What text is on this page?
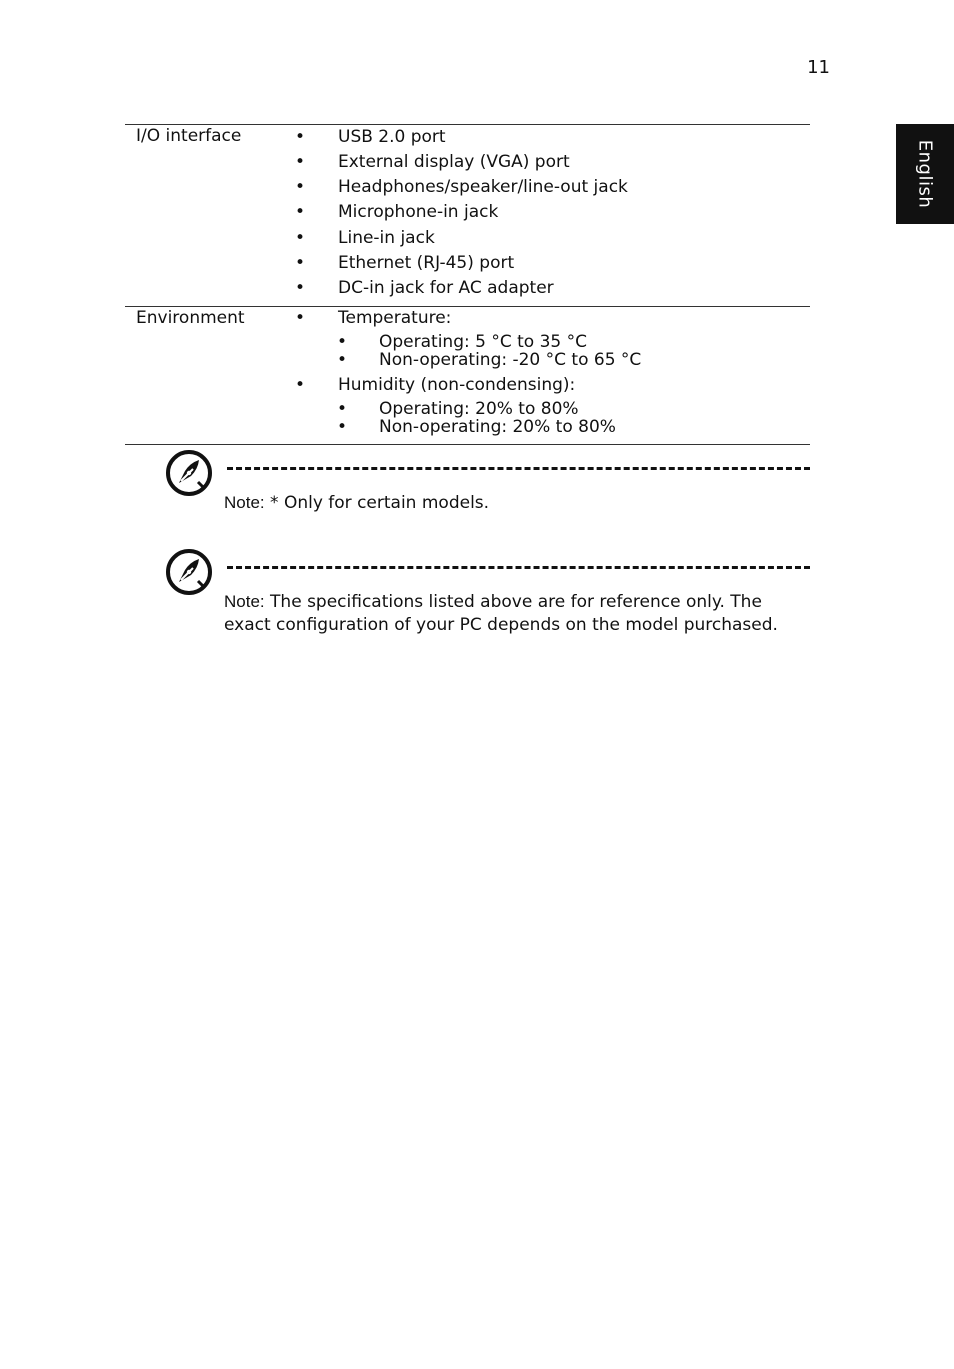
11
English
I/O interface	• USB 2.0 port
• External display (VGA) port
• Headphones/speaker/line-out jack
• Microphone-in jack
• Line-in jack
• Ethernet (RJ-45) port
• DC-in jack for AC adapter
Environment	• Temperature:
• Operating: 5 °C to 35 °C
• Non-operating: -20 °C to 65 °C
• Humidity (non-condensing):
• Operating: 20% to 80%
• Non-operating: 20% to 80%
Note: * Only for certain models.
Note: The specifications listed above are for reference only. The
exact configuration of your PC depends on the model purchased.
